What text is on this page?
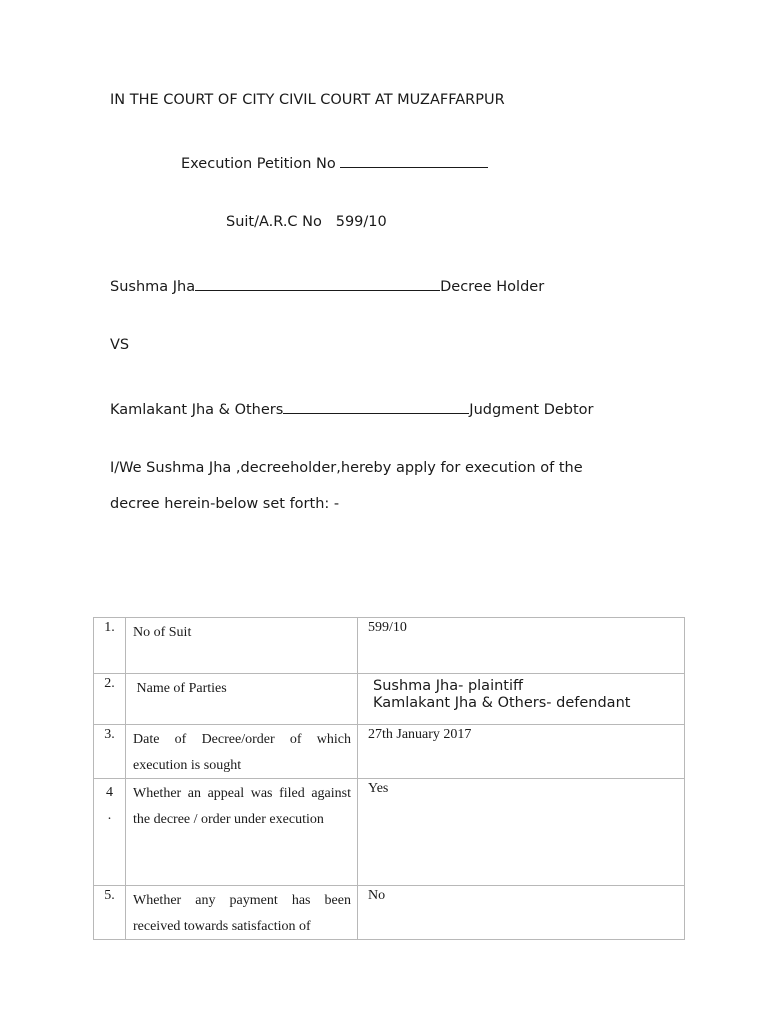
IN THE COURT OF CITY CIVIL COURT AT MUZAFFARPUR
Execution Petition No
Suit/A.R.C No 599/10
Sushma Jha	Decree Holder
VS
Kamlakant Jha & Others	Judgment Debtor
I/We Sushma Jha ,decreeholder,hereby apply for execution of the
decree herein-below set forth: -
1.	No of Suit	599/10
2.	Name of Parties	Sushma Jha- plaintiff
Kamlakant Jha & Others- defendant

3.	Date of Decree/order of which execution is sought	27th January 2017

4
.	Whether an appeal was filed against the decree / order under execution	Yes
5.	Whether any payment has been received towards satisfaction of	No
